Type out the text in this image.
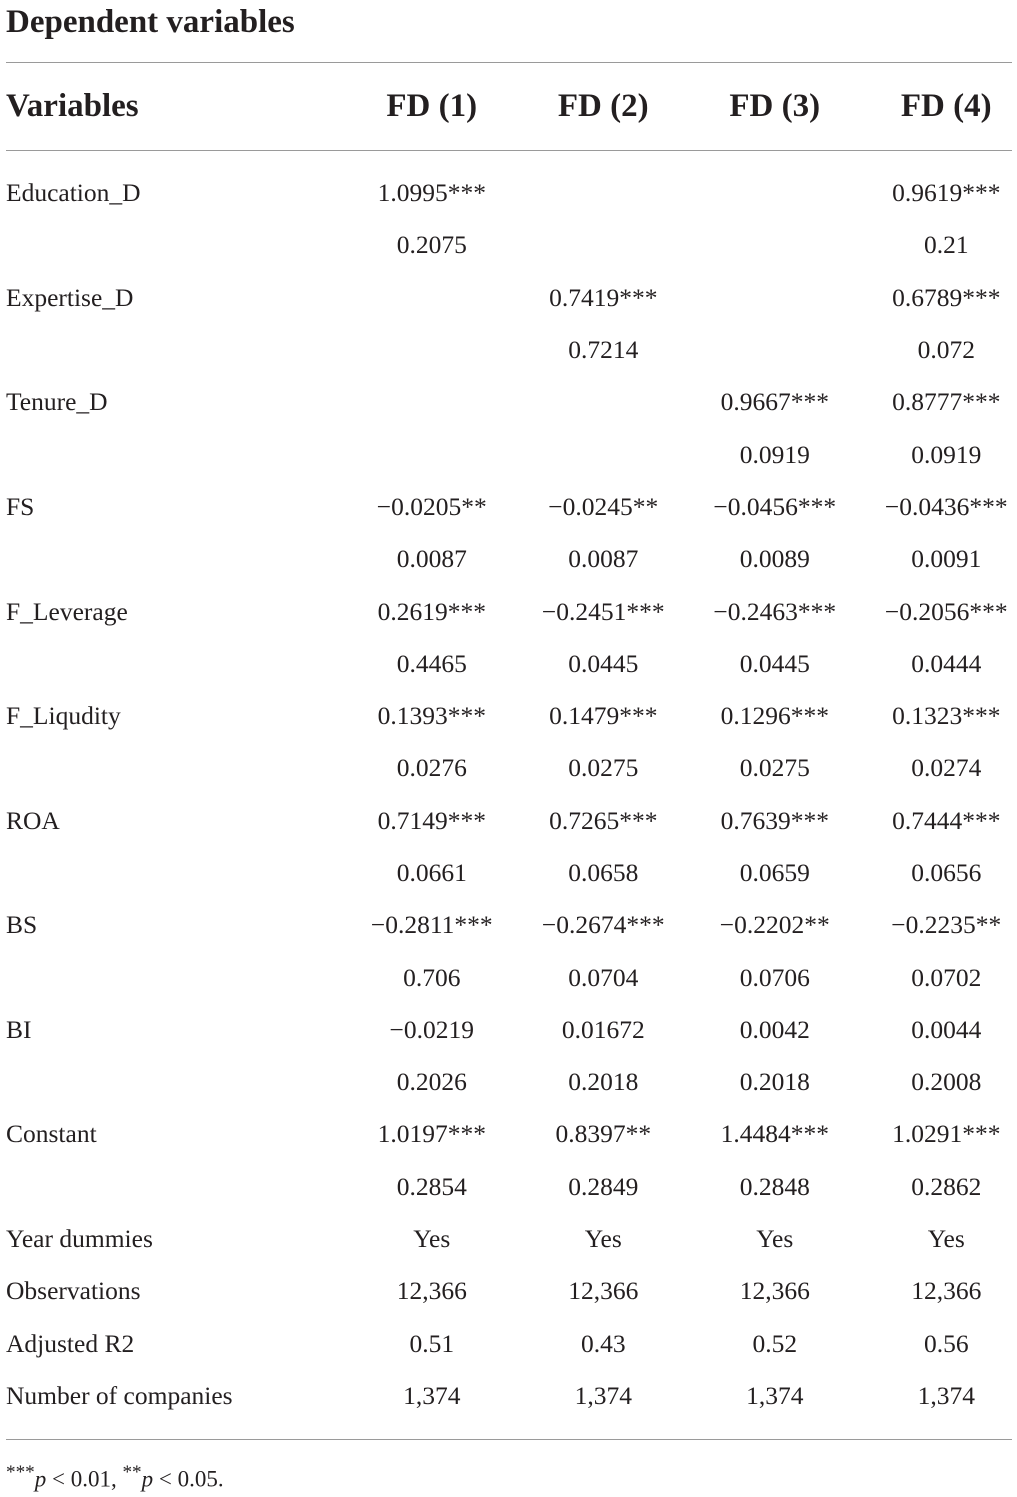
Dependent variables
Variables	FD (1)	FD (2)	FD (3)	FD (4)

Education_D	1.0995***			0.9619***
	0.2075			0.21
Expertise_D		0.7419***		0.6789***
		0.7214		0.072
Tenure_D			0.9667***	0.8777***
			0.0919	0.0919
FS	−0.0205**	−0.0245**	−0.0456***	−0.0436***
	0.0087	0.0087	0.0089	0.0091
F_Leverage	0.2619***	−0.2451***	−0.2463***	−0.2056***
	0.4465	0.0445	0.0445	0.0444
F_Liqudity	0.1393***	0.1479***	0.1296***	0.1323***
	0.0276	0.0275	0.0275	0.0274
ROA	0.7149***	0.7265***	0.7639***	0.7444***
	0.0661	0.0658	0.0659	0.0656
BS	−0.2811***	−0.2674***	−0.2202**	−0.2235**
	0.706	0.0704	0.0706	0.0702
BI	−0.0219	0.01672	0.0042	0.0044
	0.2026	0.2018	0.2018	0.2008
Constant	1.0197***	0.8397**	1.4484***	1.0291***
	0.2854	0.2849	0.2848	0.2862
Year dummies	Yes	Yes	Yes	Yes
Observations	12,366	12,366	12,366	12,366
Adjusted R2	0.51	0.43	0.52	0.56
Number of companies	1,374	1,374	1,374	1,374
***p < 0.01, **p < 0.05.
